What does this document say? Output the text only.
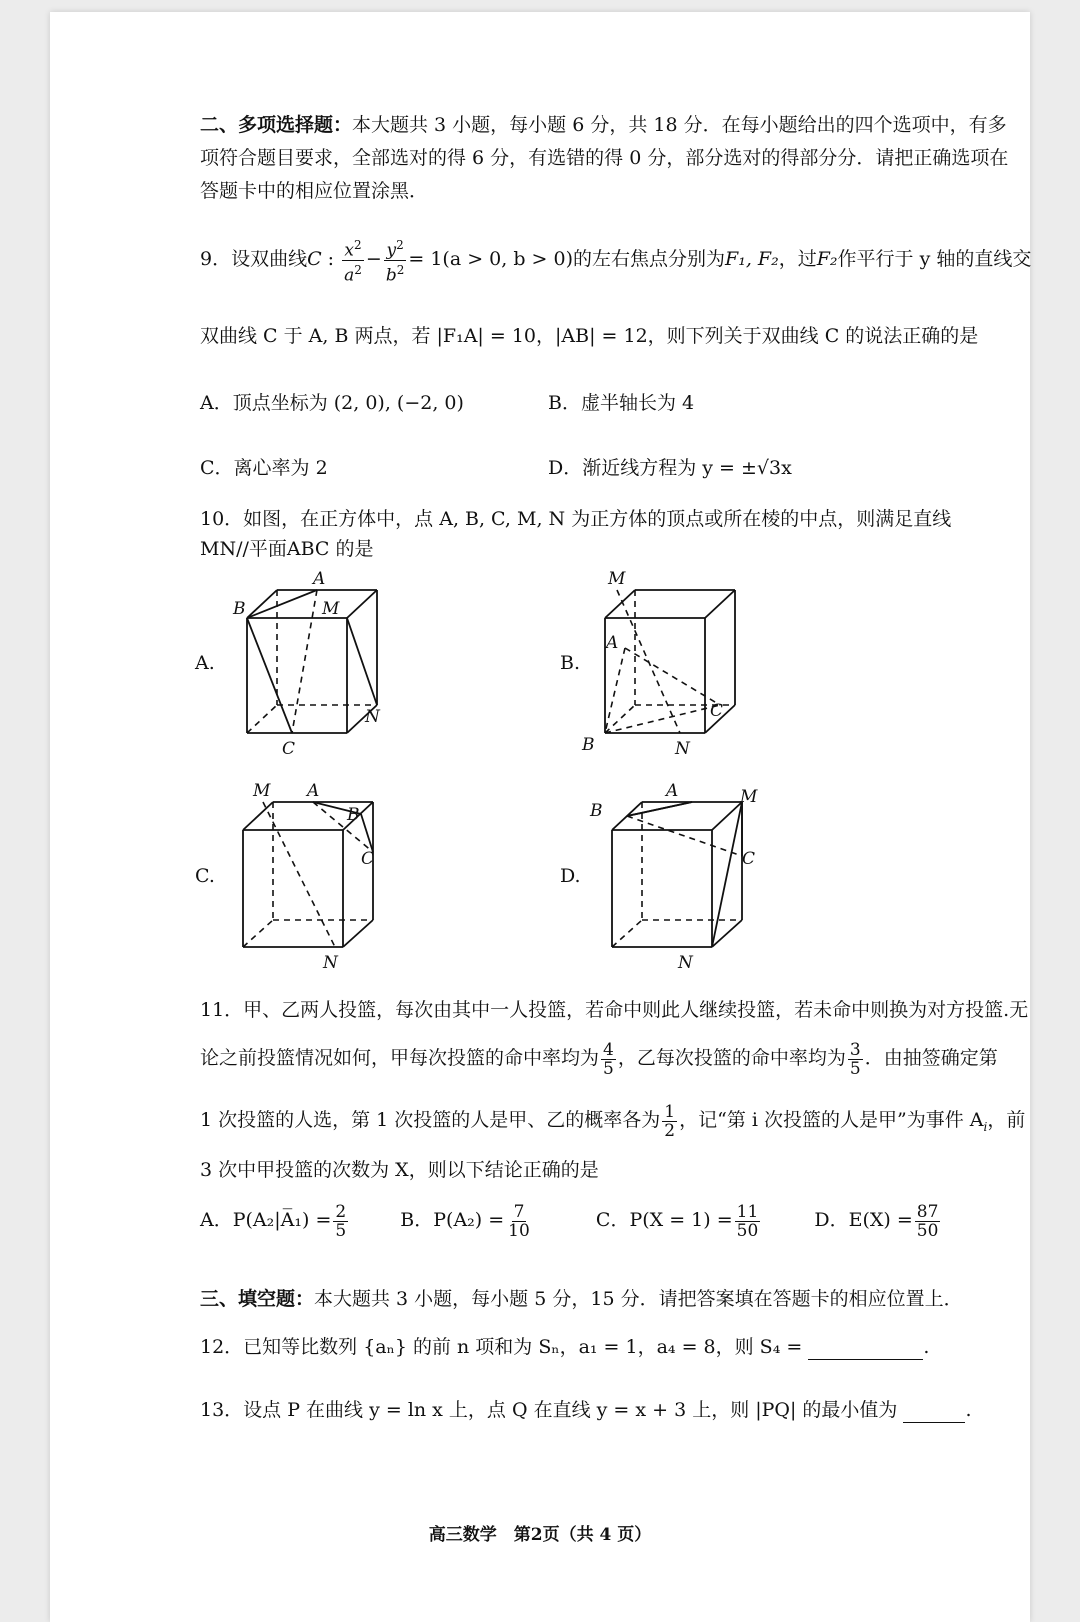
二、多项选择题：本大题共 3 小题，每小题 6 分，共 18 分．在每小题给出的四个选项中，有多
项符合题目要求，全部选对的得 6 分，有选错的得 0 分，部分选对的得部分分．请把正确选项在
答题卡中的相应位置涂黑．
9．设双曲线C : $\frac{x^2}{a^2} - \frac{y^2}{b^2} = 1(a > 0$, b > 0)的左右焦点分别为F₁, F₂，过F₂作平行于 y 轴的直线交
双曲线 C 于 A, B 两点，若 |F₁A| = 10，|AB| = 12，则下列关于双曲线 C 的说法正确的是
A．顶点坐标为 (2, 0), (−2, 0)	B．虚半轴长为 4
C．离心率为 2	D．渐近线方程为 y = ±√3x
10．如图，在正方体中，点 A, B, C, M, N 为正方体的顶点或所在棱的中点，则满足直线
MN//平面ABC 的是
A.	B.
C.	D.
B
A
M
N
C
M
A
C
B	N
M A
B
C
N
B
A	M
C
N
11．甲、乙两人投篮，每次由其中一人投篮，若命中则此人继续投篮，若未命中则换为对方投篮.无
论之前投篮情况如何，甲每次投篮的命中率均为 $\frac{4}{5}$ ，乙每次投篮的命中率均为 $\frac{3}{5}$ ．由抽签确定第
1 次投篮的人选，第 1 次投篮的人是甲、乙的概率各为 $\frac{1}{2}$ ，记“第 i 次投篮的人是甲”为事件 $A_i$，前
3 次中甲投篮的次数为 X，则以下结论正确的是
A．P(A₂|A̅₁) = $\frac{2}{5}$	B．$P(A_2) = \frac{7}{10}$	C．$P(X = 1) = \frac{11}{50}$	D．$E(X) = \frac{87}{50}$
三、填空题：本大题共 3 小题，每小题 5 分，15 分．请把答案填在答题卡的相应位置上．
12．已知等比数列 {aₙ} 的前 n 项和为 Sₙ，a₁ = 1，a₄ = 8，则 S₄ =	.
13．设点 P 在曲线 y = ln x 上，点 Q 在直线 y = x + 3 上，则 |PQ| 的最小值为	.
高三数学　第2页（共 4 页）
